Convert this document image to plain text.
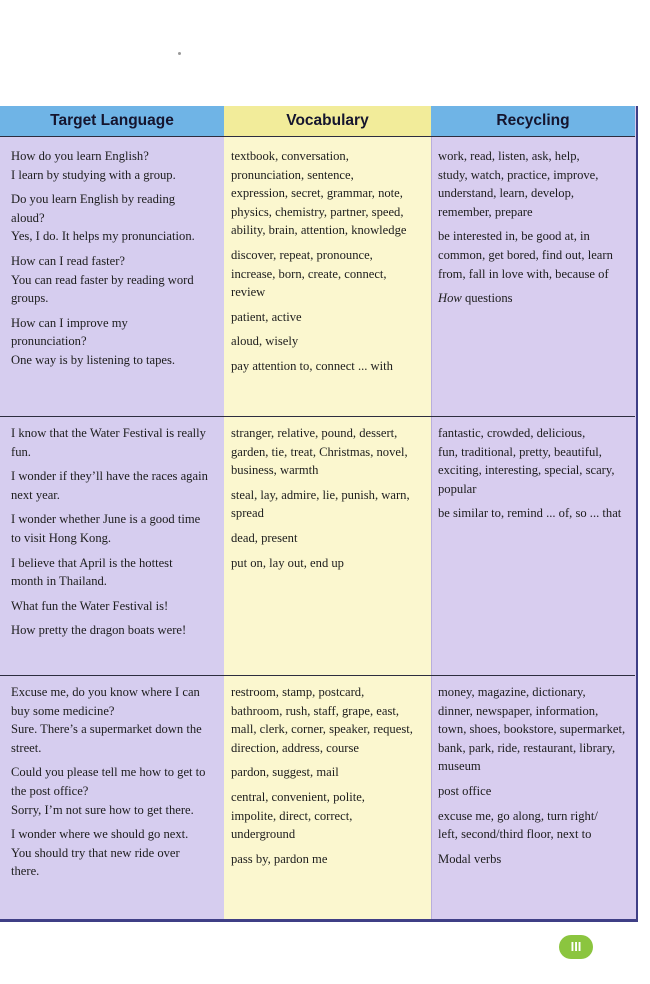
Target Language	Vocabulary	Recycling
How do you learn English?
I learn by studying with a group.
Do you learn English by reading
aloud?
Yes, I do. It helps my pronunciation.
How can I read faster?
You can read faster by reading word
groups.
How can I improve my
pronunciation?
One way is by listening to tapes.
textbook, conversation,
pronunciation, sentence,
expression, secret, grammar, note,
physics, chemistry, partner, speed,
ability, brain, attention, knowledge
discover, repeat, pronounce,
increase, born, create, connect,
review
patient, active
aloud, wisely
pay attention to, connect ... with
work, read, listen, ask, help,
study, watch, practice, improve,
understand, learn, develop,
remember, prepare
be interested in, be good at, in
common, get bored, find out, learn
from, fall in love with, because of
How questions
I know that the Water Festival is really
fun.
I wonder if they’ll have the races again
next year.
I wonder whether June is a good time
to visit Hong Kong.
I believe that April is the hottest
month in Thailand.
What fun the Water Festival is!
How pretty the dragon boats were!
stranger, relative, pound, dessert,
garden, tie, treat, Christmas, novel,
business, warmth
steal, lay, admire, lie, punish, warn,
spread
dead, present
put on, lay out, end up
fantastic, crowded, delicious,
fun, traditional, pretty, beautiful,
exciting, interesting, special, scary,
popular
be similar to, remind ... of, so ... that
Excuse me, do you know where I can
buy some medicine?
Sure. There’s a supermarket down the
street.
Could you please tell me how to get to
the post office?
Sorry, I’m not sure how to get there.
I wonder where we should go next.
You should try that new ride over
there.
restroom, stamp, postcard,
bathroom, rush, staff, grape, east,
mall, clerk, corner, speaker, request,
direction, address, course
pardon, suggest, mail
central, convenient, polite,
impolite, direct, correct,
underground
pass by, pardon me
money, magazine, dictionary,
dinner, newspaper, information,
town, shoes, bookstore, supermarket,
bank, park, ride, restaurant, library,
museum
post office
excuse me, go along, turn right/
left, second/third floor, next to
Modal verbs
III
